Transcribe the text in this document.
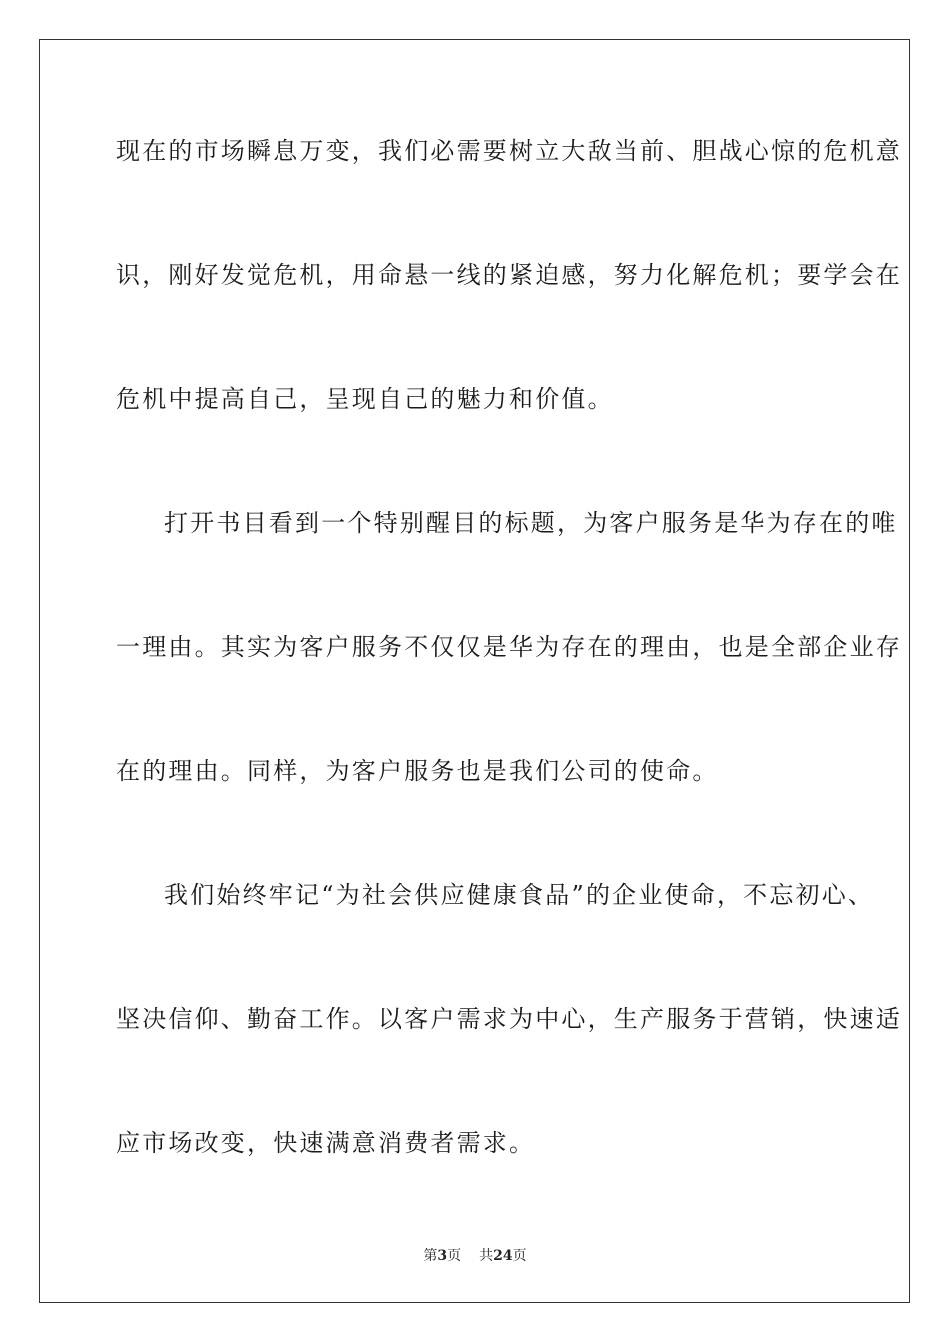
现在的市场瞬息万变，我们必需要树立大敌当前、胆战心惊的危机意
识，刚好发觉危机，用命悬一线的紧迫感，努力化解危机；要学会在
危机中提高自己，呈现自己的魅力和价值。
打开书目看到一个特别醒目的标题，为客户服务是华为存在的唯
一理由。其实为客户服务不仅仅是华为存在的理由，也是全部企业存
在的理由。同样，为客户服务也是我们公司的使命。
我们始终牢记“为社会供应健康食品”的企业使命，不忘初心、
坚决信仰、勤奋工作。以客户需求为中心，生产服务于营销，快速适
应市场改变，快速满意消费者需求。
第3页 共24页
